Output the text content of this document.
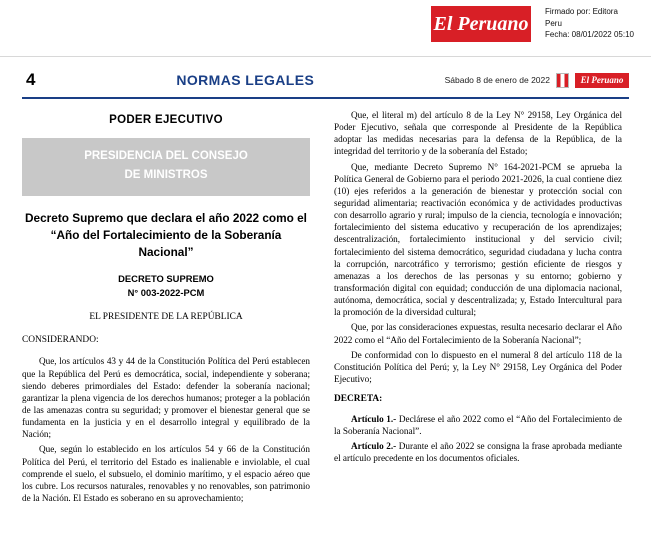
El Peruano
Firmado por: Editora
Peru
Fecha: 08/01/2022 05:10
4	NORMAS LEGALES	Sábado 8 de enero de 2022	El Peruano
PODER EJECUTIVO
PRESIDENCIA DEL CONSEJO
DE MINISTROS
Decreto Supremo que declara el año 2022 como el “Año del Fortalecimiento de la Soberanía Nacional”
DECRETO SUPREMO
N° 003-2022-PCM
EL PRESIDENTE DE LA REPÚBLICA
CONSIDERANDO:

Que, los artículos 43 y 44 de la Constitución Política del Perú establecen que la República del Perú es democrática, social, independiente y soberana; siendo deberes primordiales del Estado: defender la soberanía nacional; garantizar la plena vigencia de los derechos humanos; proteger a la población de las amenazas contra su seguridad; y promover el bienestar general que se fundamenta en la justicia y en el desarrollo integral y equilibrado de la Nación;

Que, según lo establecido en los artículos 54 y 66 de la Constitución Política del Perú, el territorio del Estado es inalienable e inviolable, el cual comprende el suelo, el subsuelo, el dominio marítimo, y el espacio aéreo que los cubre. Los recursos naturales, renovables y no renovables, son patrimonio de la Nación. El Estado es soberano en su aprovechamiento;

Que, el literal m) del artículo 8 de la Ley N° 29158, Ley Orgánica del Poder Ejecutivo, señala que corresponde al Presidente de la República adoptar las medidas necesarias para la defensa de la República, de la integridad del territorio y de la soberanía del Estado;

Que, mediante Decreto Supremo N° 164-2021-PCM se aprueba la Política General de Gobierno para el periodo 2021-2026, la cual contiene diez (10) ejes referidos a la generación de bienestar y protección social con seguridad alimentaria; reactivación económica y de actividades productivas con desarrollo agrario y rural; impulso de la ciencia, tecnología e innovación; fortalecimiento del sistema educativo y recuperación de los aprendizajes; descentralización, fortalecimiento institucional y del servicio civil; fortalecimiento del sistema democrático, seguridad ciudadana y lucha contra la corrupción, narcotráfico y terrorismo; gestión eficiente de riesgos y amenazas a los derechos de las personas y su entorno; gobierno y transformación digital con equidad; conducción de una diplomacia nacional, autónoma, democrática, social y descentralizada; y, Estado Intercultural para la promoción de la diversidad cultural;

Que, por las consideraciones expuestas, resulta necesario declarar el Año 2022 como el “Año del Fortalecimiento de la Soberanía Nacional”;

De conformidad con lo dispuesto en el numeral 8 del artículo 118 de la Constitución Política del Perú; y, la Ley N° 29158, Ley Orgánica del Poder Ejecutivo;

DECRETA:

Artículo 1.- Declárese el año 2022 como el “Año del Fortalecimiento de la Soberanía Nacional”.

Artículo 2.- Durante el año 2022 se consigna la frase aprobada mediante el artículo precedente en los documentos oficiales.
